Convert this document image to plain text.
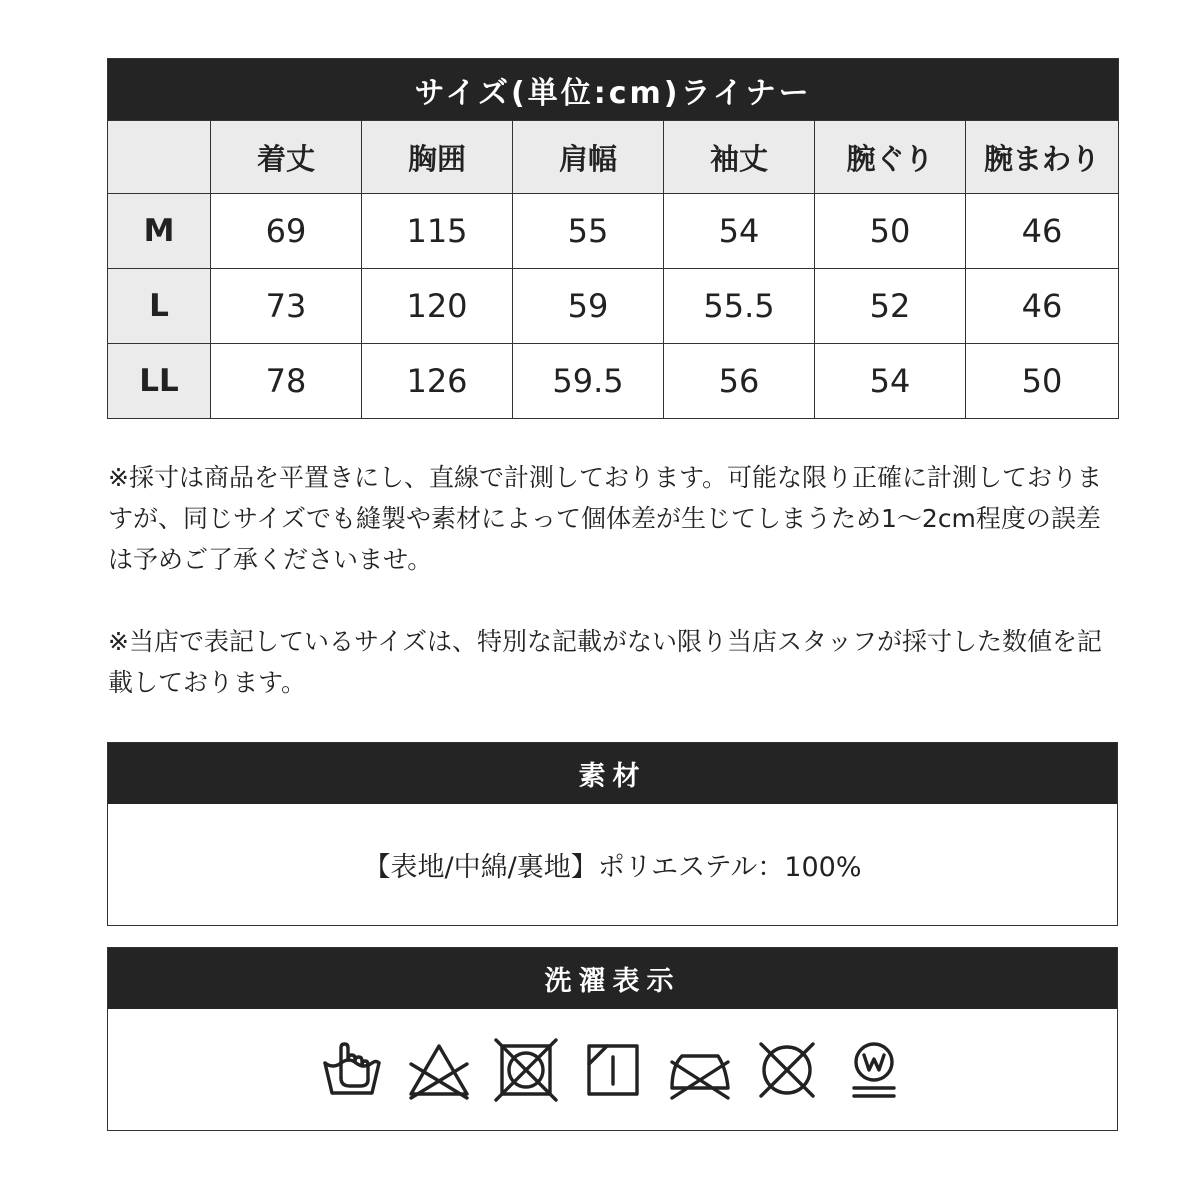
サイズ(単位:cm)ライナー						
	着丈	胸囲	肩幅	袖丈	腕ぐり	腕まわり
M	69	115	55	54	50	46
L	73	120	59	55.5	52	46
LL	78	126	59.5	56	54	50

※採寸は商品を平置きにし、直線で計測しております。可能な限り正確に計測しておりますが、同じサイズでも縫製や素材によって個体差が生じてしまうため1～2cm程度の誤差は予めご了承くださいませ。

※当店で表記しているサイズは、特別な記載がない限り当店スタッフが採寸した数値を記載しております。

素材
【表地/中綿/裏地】ポリエステル：100%
洗濯表示
